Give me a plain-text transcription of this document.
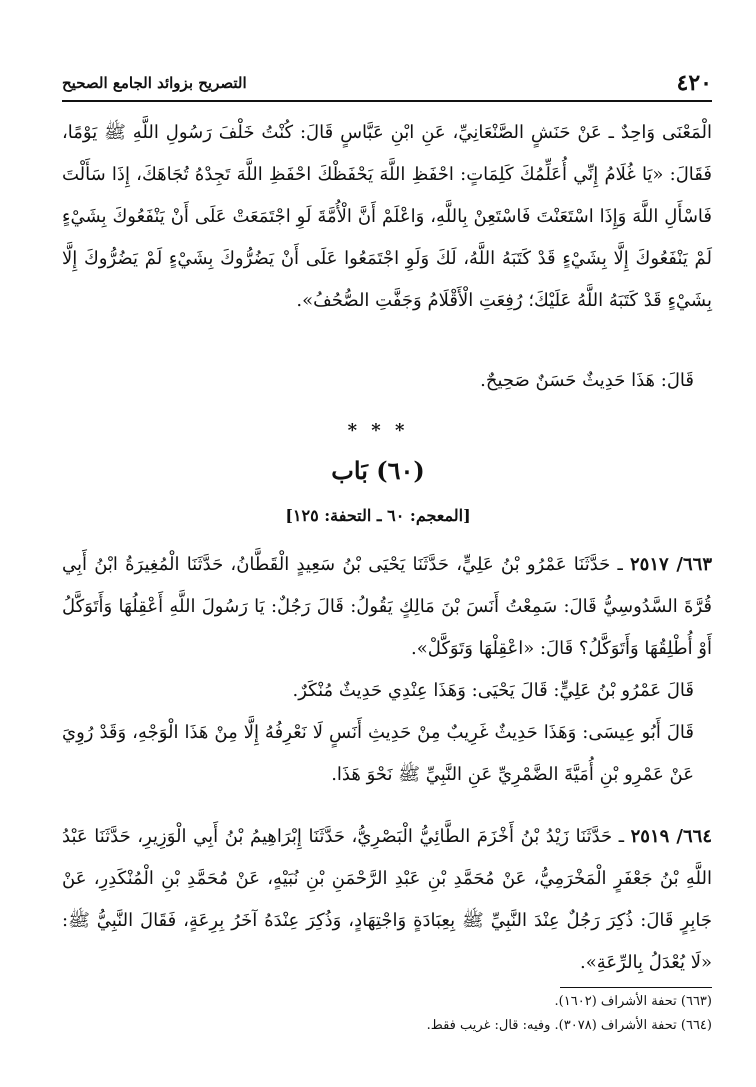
٤٢٠
التصريح بزوائد الجامع الصحيح

الْمَعْنَى وَاحِدٌ ـ عَنْ حَنَشٍ الصَّنْعَانِيِّ، عَنِ ابْنِ عَبَّاسٍ قَالَ: كُنْتُ خَلْفَ رَسُولِ اللَّهِ ﷺ يَوْمًا، فَقَالَ: «يَا غُلَامُ إِنِّي أُعَلِّمُكَ كَلِمَاتٍ: احْفَظِ اللَّهَ يَحْفَظْكَ احْفَظِ اللَّهَ تَجِدْهُ تُجَاهَكَ، إِذَا سَأَلْتَ فَاسْأَلِ اللَّهَ وَإِذَا اسْتَعَنْتَ فَاسْتَعِنْ بِاللَّهِ، وَاعْلَمْ أَنَّ الْأُمَّةَ لَوِ اجْتَمَعَتْ عَلَى أَنْ يَنْفَعُوكَ بِشَيْءٍ لَمْ يَنْفَعُوكَ إِلَّا بِشَيْءٍ قَدْ كَتَبَهُ اللَّهُ، لَكَ وَلَوِ اجْتَمَعُوا عَلَى أَنْ يَضُرُّوكَ بِشَيْءٍ لَمْ يَضُرُّوكَ إِلَّا بِشَيْءٍ قَدْ كَتَبَهُ اللَّهُ عَلَيْكَ؛ رُفِعَتِ الْأَقْلَامُ وَجَفَّتِ الصُّحُفُ».

قَالَ: هَذَا حَدِيثٌ حَسَنٌ صَحِيحٌ.

* * *
(٦٠) بَاب
[المعجم: ٦٠ ـ التحفة: ١٢٥]

٦٦٣/ ٢٥١٧ ـ حَدَّثَنَا عَمْرُو بْنُ عَلِيٍّ، حَدَّثَنَا يَحْيَى بْنُ سَعِيدٍ الْقَطَّانُ، حَدَّثَنَا الْمُغِيرَةُ ابْنُ أَبِي قُرَّةَ السَّدُوسِيُّ قَالَ: سَمِعْتُ أَنَسَ بْنَ مَالِكٍ يَقُولُ: قَالَ رَجُلٌ: يَا رَسُولَ اللَّهِ أَعْقِلُهَا وَأَتَوَكَّلُ أَوْ أُطْلِقُهَا وَأَتَوَكَّلُ؟ قَالَ: «اعْقِلْهَا وَتَوَكَّلْ».

قَالَ عَمْرُو بْنُ عَلِيٍّ: قَالَ يَحْيَى: وَهَذَا عِنْدِي حَدِيثٌ مُنْكَرٌ.

قَالَ أَبُو عِيسَى: وَهَذَا حَدِيثٌ غَرِيبٌ مِنْ حَدِيثِ أَنَسٍ لَا نَعْرِفُهُ إِلَّا مِنْ هَذَا الْوَجْهِ، وَقَدْ رُوِيَ عَنْ عَمْرِو بْنِ أُمَيَّةَ الضَّمْرِيِّ عَنِ النَّبِيِّ ﷺ نَحْوَ هَذَا.

٦٦٤/ ٢٥١٩ ـ حَدَّثَنَا زَيْدُ بْنُ أَخْزَمَ الطَّائِيُّ الْبَصْرِيُّ، حَدَّثَنَا إِبْرَاهِيمُ بْنُ أَبِي الْوَزِيرِ، حَدَّثَنَا عَبْدُ اللَّهِ بْنُ جَعْفَرٍ الْمَخْرَمِيُّ، عَنْ مُحَمَّدِ بْنِ عَبْدِ الرَّحْمَنِ بْنِ نُبَيْهٍ، عَنْ مُحَمَّدِ بْنِ الْمُنْكَدِرِ، عَنْ جَابِرٍ قَالَ: ذُكِرَ رَجُلٌ عِنْدَ النَّبِيِّ ﷺ بِعِبَادَةٍ وَاجْتِهَادٍ، وَذُكِرَ عِنْدَهُ آخَرُ بِرِعَةٍ، فَقَالَ النَّبِيُّ ﷺ: «لَا يُعْدَلُ بِالرِّعَةِ».

(٦٦٣) تحفة الأشراف (١٦٠٢).

(٦٦٤) تحفة الأشراف (٣٠٧٨). وفيه: قال: غريب فقط.
